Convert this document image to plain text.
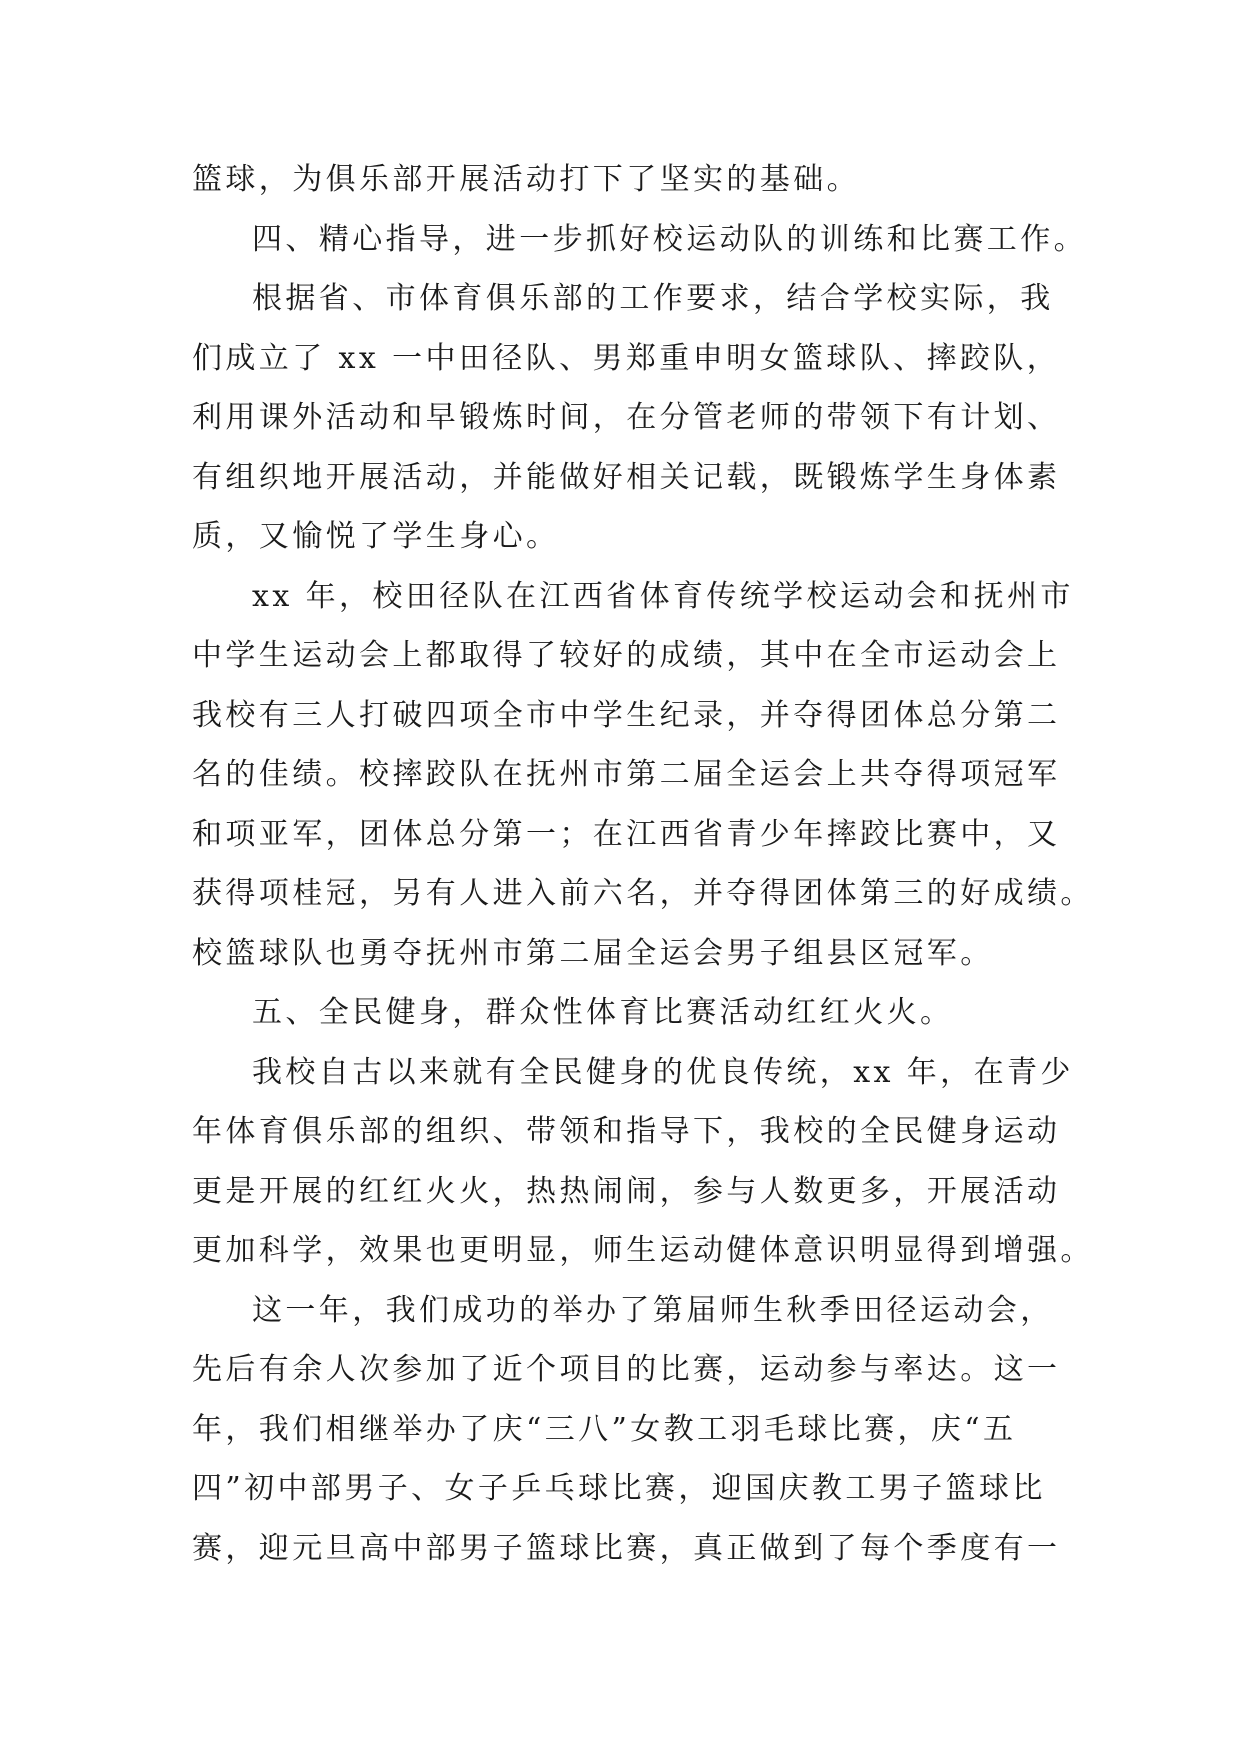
篮球，为俱乐部开展活动打下了坚实的基础。
四、精心指导，进一步抓好校运动队的训练和比赛工作。
根据省、市体育俱乐部的工作要求，结合学校实际，我
们成立了 xx 一中田径队、男郑重申明女篮球队、摔跤队，
利用课外活动和早锻炼时间，在分管老师的带领下有计划、
有组织地开展活动，并能做好相关记载，既锻炼学生身体素
质，又愉悦了学生身心。
xx 年，校田径队在江西省体育传统学校运动会和抚州市
中学生运动会上都取得了较好的成绩，其中在全市运动会上
我校有三人打破四项全市中学生纪录，并夺得团体总分第二
名的佳绩。校摔跤队在抚州市第二届全运会上共夺得项冠军
和项亚军，团体总分第一；在江西省青少年摔跤比赛中，又
获得项桂冠，另有人进入前六名，并夺得团体第三的好成绩。
校篮球队也勇夺抚州市第二届全运会男子组县区冠军。
五、全民健身，群众性体育比赛活动红红火火。
我校自古以来就有全民健身的优良传统，xx 年，在青少
年体育俱乐部的组织、带领和指导下，我校的全民健身运动
更是开展的红红火火，热热闹闹，参与人数更多，开展活动
更加科学，效果也更明显，师生运动健体意识明显得到增强。
这一年，我们成功的举办了第届师生秋季田径运动会，
先后有余人次参加了近个项目的比赛，运动参与率达。这一
年，我们相继举办了庆“三八”女教工羽毛球比赛，庆“五
四”初中部男子、女子乒乓球比赛，迎国庆教工男子篮球比
赛，迎元旦高中部男子篮球比赛，真正做到了每个季度有一
